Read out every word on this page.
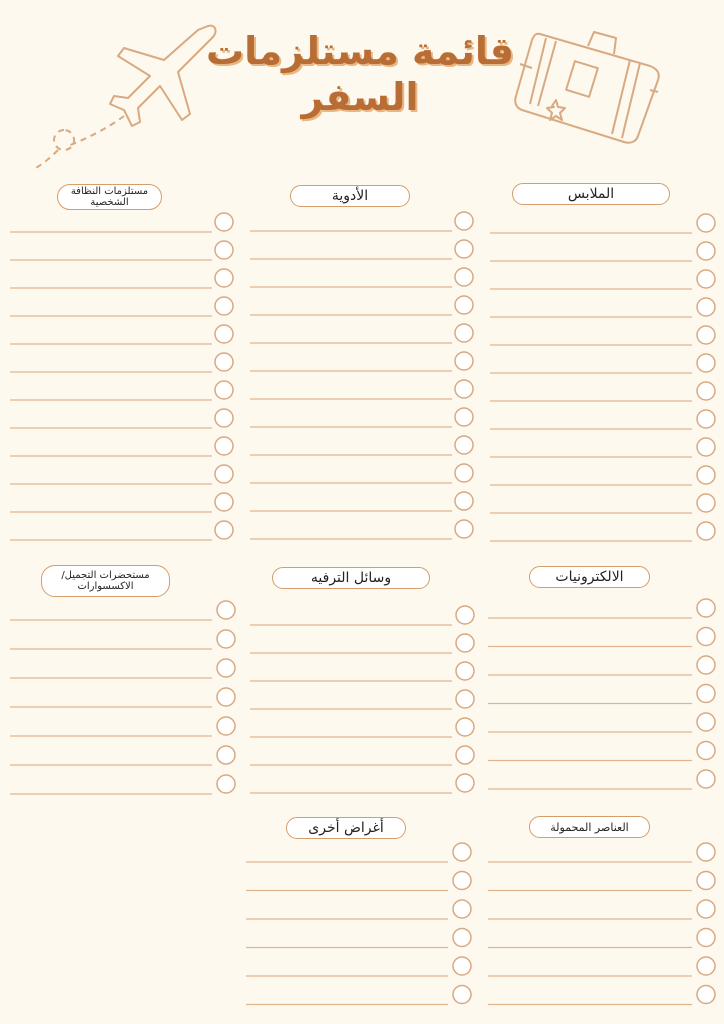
قائمة مستلزمات
السفر
الملابس
الأدوية
مستلزمات النظافة الشخصية
الالكترونيات
وسائل الترفيه
مستحضرات التجميل/ الاكسسوارات
العناصر المحمولة
أغراض أخرى
